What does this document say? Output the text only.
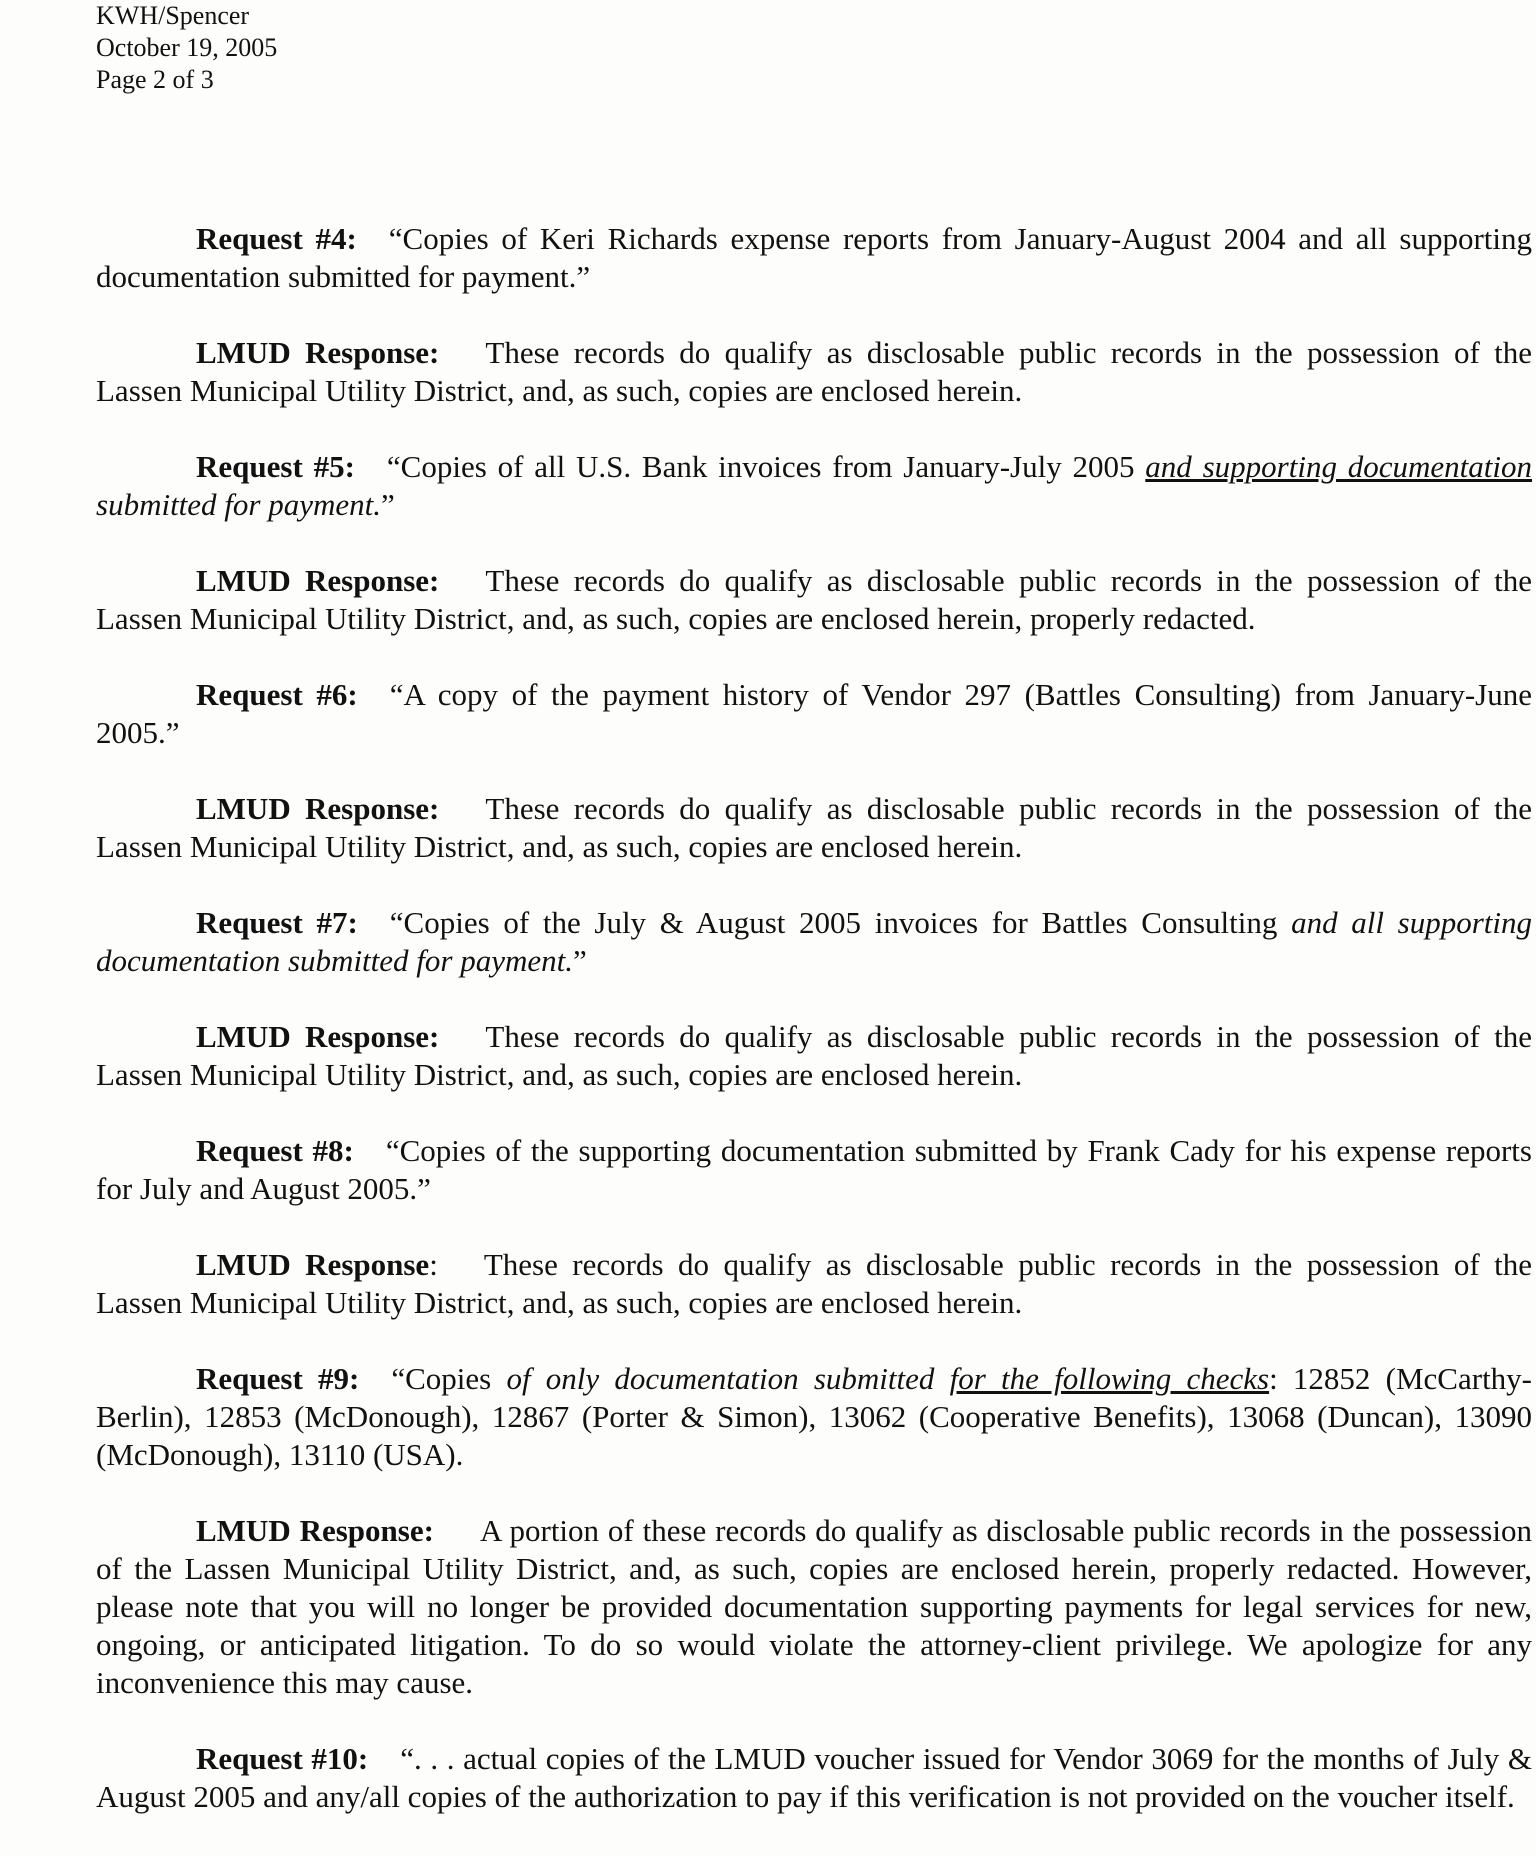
KWH/Spencer
October 19, 2005
Page 2 of 3

Request #4: “Copies of Keri Richards expense reports from January-August 2004 and all supporting documentation submitted for payment.”

LMUD Response: These records do qualify as disclosable public records in the possession of the Lassen Municipal Utility District, and, as such, copies are enclosed herein.

Request #5: “Copies of all U.S. Bank invoices from January-July 2005 and supporting documentation submitted for payment.”

LMUD Response: These records do qualify as disclosable public records in the possession of the Lassen Municipal Utility District, and, as such, copies are enclosed herein, properly redacted.

Request #6: “A copy of the payment history of Vendor 297 (Battles Consulting) from January-June 2005.”

LMUD Response: These records do qualify as disclosable public records in the possession of the Lassen Municipal Utility District, and, as such, copies are enclosed herein.

Request #7: “Copies of the July & August 2005 invoices for Battles Consulting and all supporting documentation submitted for payment.”

LMUD Response: These records do qualify as disclosable public records in the possession of the Lassen Municipal Utility District, and, as such, copies are enclosed herein.

Request #8: “Copies of the supporting documentation submitted by Frank Cady for his expense reports for July and August 2005.”

LMUD Response: These records do qualify as disclosable public records in the possession of the Lassen Municipal Utility District, and, as such, copies are enclosed herein.

Request #9: “Copies of only documentation submitted for the following checks: 12852 (McCarthy-Berlin), 12853 (McDonough), 12867 (Porter & Simon), 13062 (Cooperative Benefits), 13068 (Duncan), 13090 (McDonough), 13110 (USA).

LMUD Response: A portion of these records do qualify as disclosable public records in the possession of the Lassen Municipal Utility District, and, as such, copies are enclosed herein, properly redacted. However, please note that you will no longer be provided documentation supporting payments for legal services for new, ongoing, or anticipated litigation. To do so would violate the attorney-client privilege. We apologize for any inconvenience this may cause.

Request #10: “. . . actual copies of the LMUD voucher issued for Vendor 3069 for the months of July & August 2005 and any/all copies of the authorization to pay if this verification is not provided on the voucher itself.
